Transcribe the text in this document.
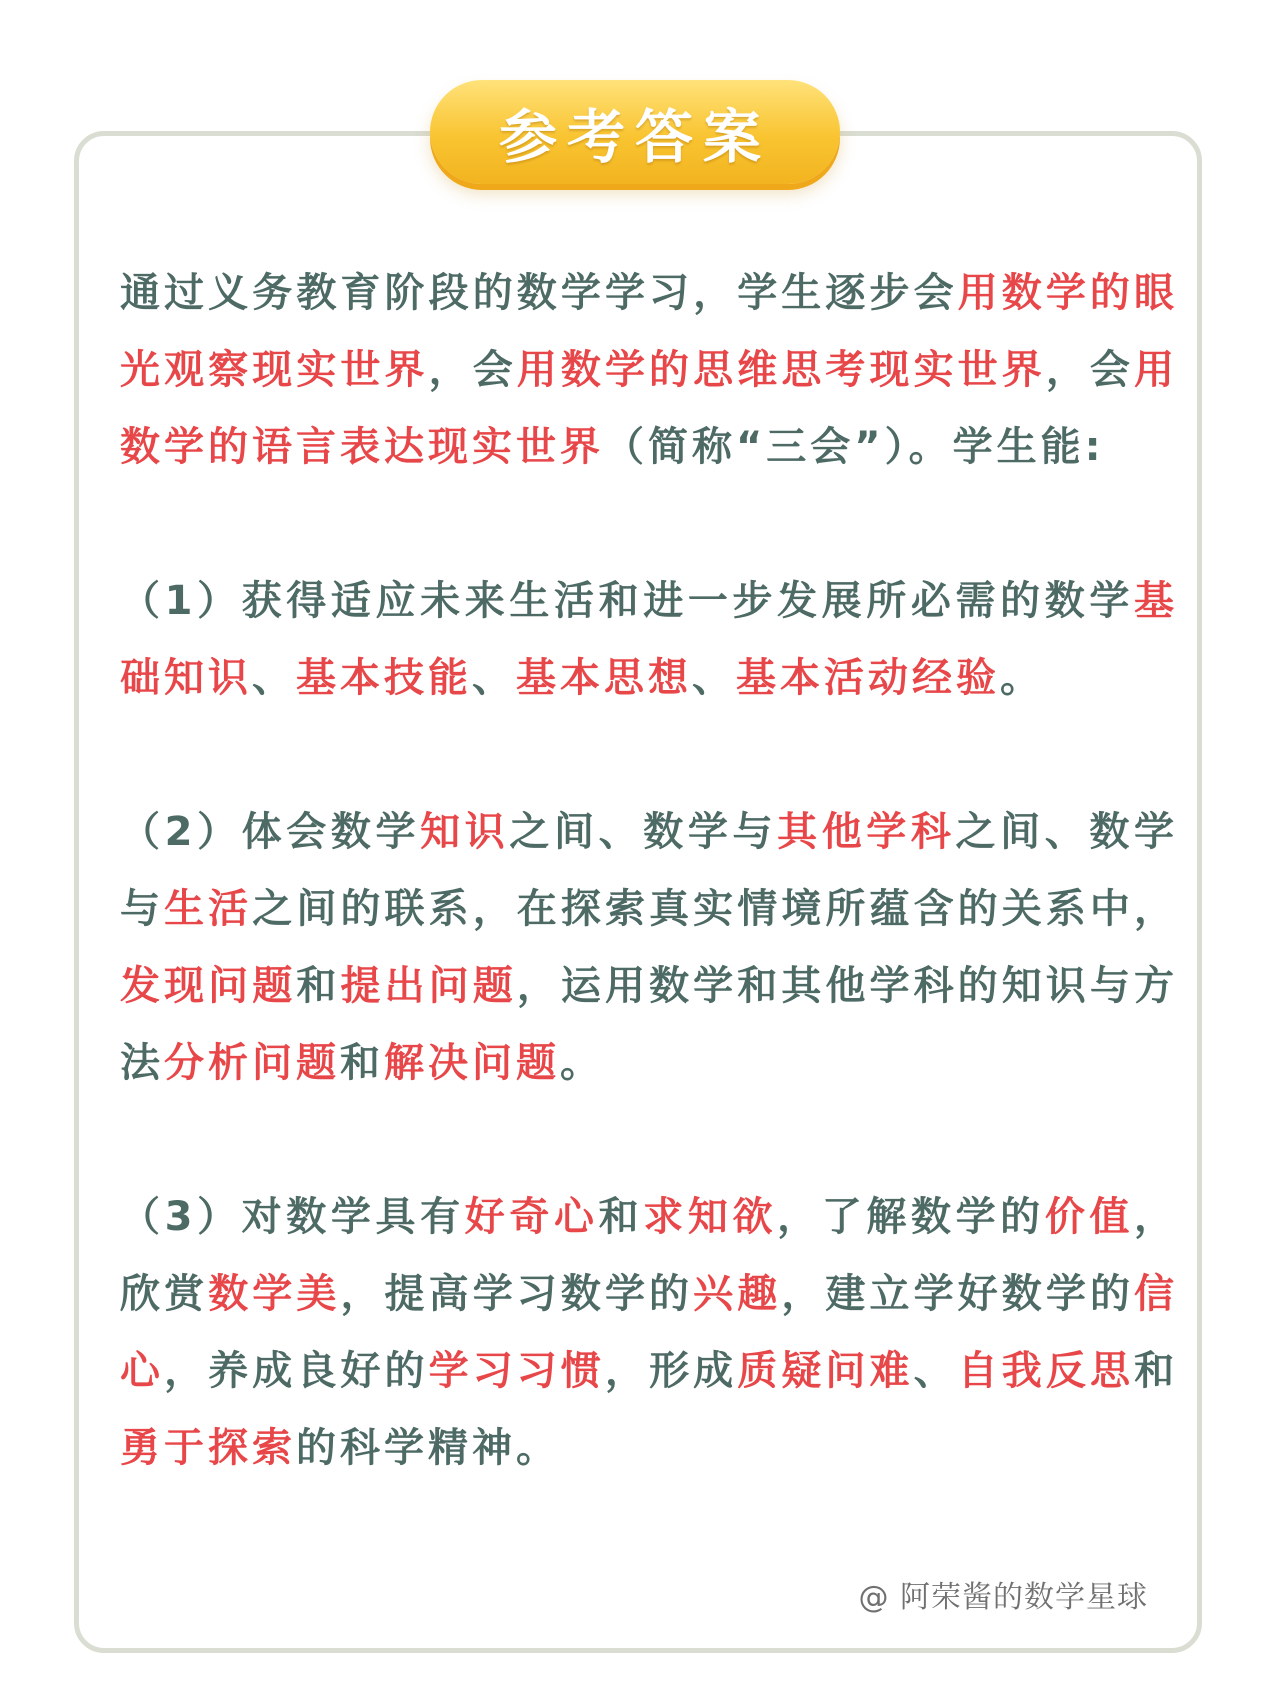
参考答案

通过义务教育阶段的数学学习，学生逐步会用数学的眼光观察现实世界，会用数学的思维思考现实世界，会用数学的语言表达现实世界（简称“三会”）。学生能:

（1）获得适应未来生活和进一步发展所必需的数学基础知识、基本技能、基本思想、基本活动经验。

（2）体会数学知识之间、数学与其他学科之间、数学与生活之间的联系，在探索真实情境所蕴含的关系中，发现问题和提出问题，运用数学和其他学科的知识与方法分析问题和解决问题。

（3）对数学具有好奇心和求知欲，了解数学的价值，欣赏数学美，提高学习数学的兴趣，建立学好数学的信心，养成良好的学习习惯，形成质疑问难、自我反思和勇于探索的科学精神。

@ 阿荣酱的数学星球
